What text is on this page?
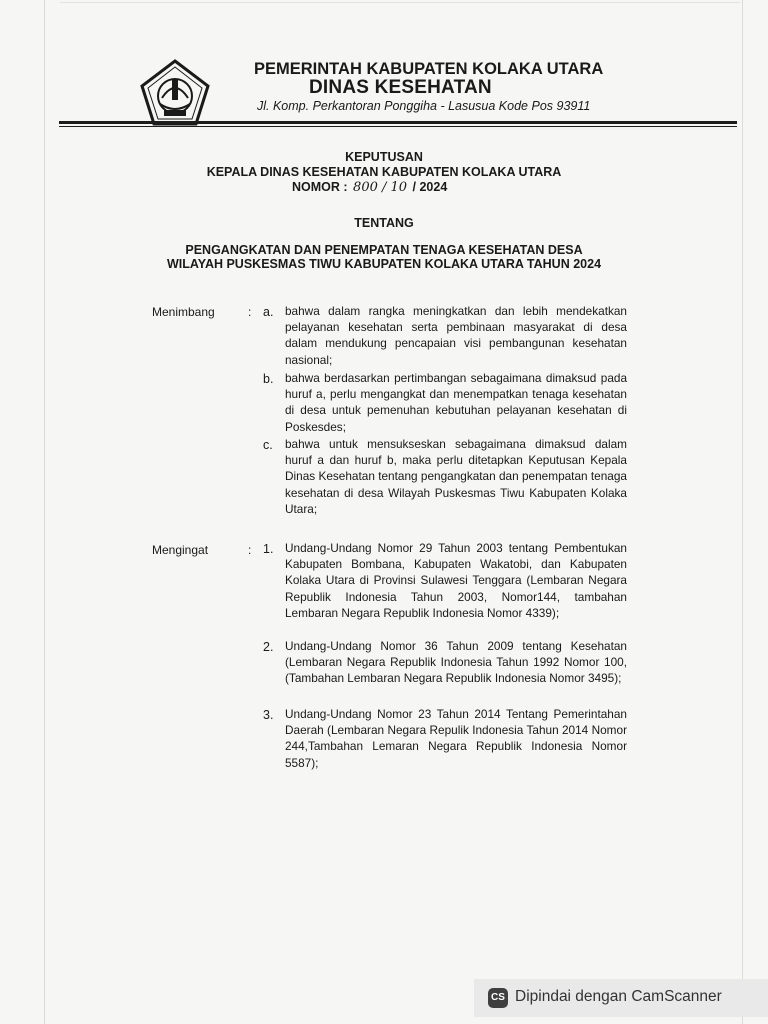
PEMERINTAH KABUPATEN KOLAKA UTARA
DINAS KESEHATAN
Jl. Komp. Perkantoran Ponggiha - Lasusua Kode Pos 93911
KEPUTUSAN
KEPALA DINAS KESEHATAN KABUPATEN KOLAKA UTARA
NOMOR : 800 / 10 / 2024
TENTANG
PENGANGKATAN DAN PENEMPATAN TENAGA KESEHATAN DESA
WILAYAH PUSKESMAS TIWU KABUPATEN KOLAKA UTARA TAHUN 2024
Menimbang	: a. bahwa dalam rangka meningkatkan dan lebih mendekatkan pelayanan kesehatan serta pembinaan masyarakat di desa dalam mendukung pencapaian visi pembangunan kesehatan nasional;
b. bahwa berdasarkan pertimbangan sebagaimana dimaksud pada huruf a, perlu mengangkat dan menempatkan tenaga kesehatan di desa untuk pemenuhan kebutuhan pelayanan kesehatan di Poskesdes;
c. bahwa untuk mensukseskan sebagaimana dimaksud dalam huruf a dan huruf b, maka perlu ditetapkan Keputusan Kepala Dinas Kesehatan tentang pengangkatan dan penempatan tenaga kesehatan di desa Wilayah Puskesmas Tiwu Kabupaten Kolaka Utara;
Mengingat	: 1. Undang-Undang Nomor 29 Tahun 2003 tentang Pembentukan Kabupaten Bombana, Kabupaten Wakatobi, dan Kabupaten Kolaka Utara di Provinsi Sulawesi Tenggara (Lembaran Negara Republik Indonesia Tahun 2003, Nomor144, tambahan Lembaran Negara Republik Indonesia Nomor 4339);
2. Undang-Undang Nomor 36 Tahun 2009 tentang Kesehatan (Lembaran Negara Republik Indonesia Tahun 1992 Nomor 100, (Tambahan Lembaran Negara Republik Indonesia Nomor 3495);
3. Undang-Undang Nomor 23 Tahun 2014 Tentang Pemerintahan Daerah (Lembaran Negara Repulik Indonesia Tahun 2014 Nomor 244,Tambahan Lemaran Negara Republik Indonesia Nomor 5587);
CS Dipindai dengan CamScanner
